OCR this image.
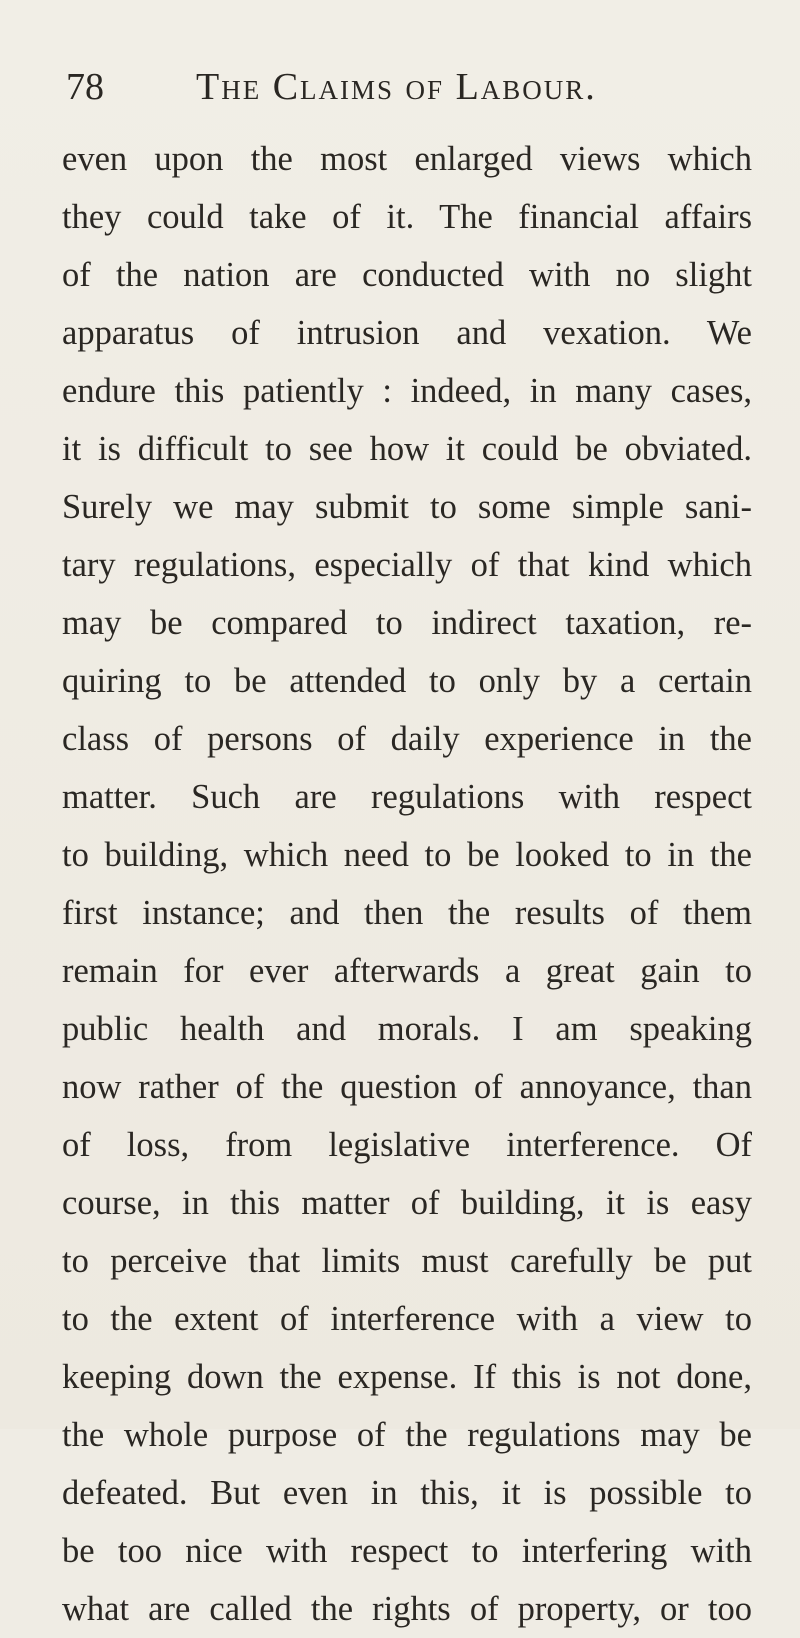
78 The Claims of Labour.
even upon the most enlarged views which
they could take of it. The financial affairs
of the nation are conducted with no slight
apparatus of intrusion and vexation. We
endure this patiently : indeed, in many cases,
it is difficult to see how it could be obviated.
Surely we may submit to some simple sani-
tary regulations, especially of that kind which
may be compared to indirect taxation, re-
quiring to be attended to only by a certain
class of persons of daily experience in the
matter. Such are regulations with respect
to building, which need to be looked to in the
first instance; and then the results of them
remain for ever afterwards a great gain to
public health and morals. I am speaking
now rather of the question of annoyance, than
of loss, from legislative interference. Of
course, in this matter of building, it is easy
to perceive that limits must carefully be put
to the extent of interference with a view to
keeping down the expense. If this is not done,
the whole purpose of the regulations may be
defeated. But even in this, it is possible to
be too nice with respect to interfering with
what are called the rights of property, or too
